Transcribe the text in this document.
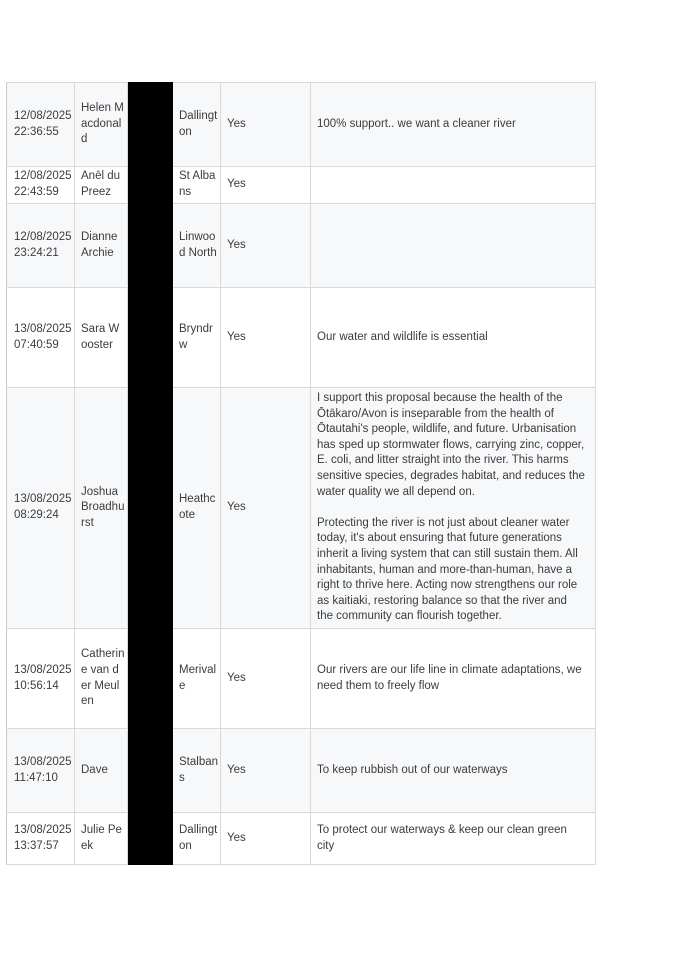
12/08/2025 22:36:55	Helen Macdonald		Dallington	Yes	100% support.. we want a cleaner river

12/08/2025 22:43:59	Anēl du Preez		St Albans	Yes	
12/08/2025 23:24:21	Dianne Archie		Linwood North	Yes	
13/08/2025 07:40:59	Sara Wooster		Bryndrw	Yes	Our water and wildlife is essential

13/08/2025 08:29:24	Joshua Broadhurst		Heathcote	Yes	I support this proposal because the health of the Ōtākaro/Avon is inseparable from the health of Ōtautahi's people, wildlife, and future. Urbanisation has sped up stormwater flows, carrying zinc, copper, E. coli, and litter straight into the river. This harms sensitive species, degrades habitat, and reduces the water quality we all depend on.

Protecting the river is not just about cleaner water today, it's about ensuring that future generations inherit a living system that can still sustain them. All inhabitants, human and more-than-human, have a right to thrive here. Acting now strengthens our role as kaitiaki, restoring balance so that the river and the community can flourish together.

13/08/2025 10:56:14	Catherine van der Meulen		Merivale	Yes	Our rivers are our life line in climate adaptations, we need them to freely flow

13/08/2025 11:47:10	Dave		Stalbans	Yes	To keep rubbish out of our waterways

13/08/2025 13:37:57	Julie Peek		Dallington	Yes	To protect our waterways & keep our clean green city
